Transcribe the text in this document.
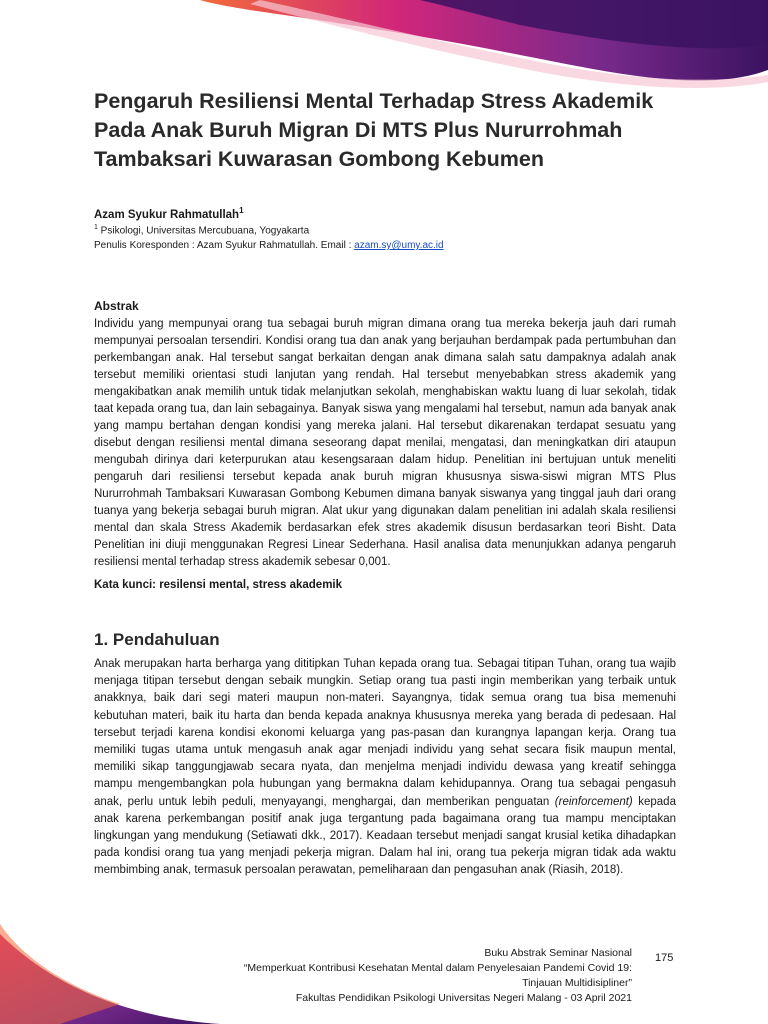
Pengaruh Resiliensi Mental Terhadap Stress Akademik Pada Anak Buruh Migran Di MTS Plus Nururrohmah Tambaksari Kuwarasan Gombong Kebumen
Azam Syukur Rahmatullah$^1$
$^1$ Psikologi, Universitas Mercubuana, Yogyakarta
Penulis Koresponden : Azam Syukur Rahmatullah. Email : azam.sy@umy.ac.id
Abstrak

Individu yang mempunyai orang tua sebagai buruh migran dimana orang tua mereka bekerja jauh dari rumah mempunyai persoalan tersendiri. Kondisi orang tua dan anak yang berjauhan berdampak pada pertumbuhan dan perkembangan anak. Hal tersebut sangat berkaitan dengan anak dimana salah satu dampaknya adalah anak tersebut memiliki orientasi studi lanjutan yang rendah. Hal tersebut menyebabkan stress akademik yang mengakibatkan anak memilih untuk tidak melanjutkan sekolah, menghabiskan waktu luang di luar sekolah, tidak taat kepada orang tua, dan lain sebagainya. Banyak siswa yang mengalami hal tersebut, namun ada banyak anak yang mampu bertahan dengan kondisi yang mereka jalani. Hal tersebut dikarenakan terdapat sesuatu yang disebut dengan resiliensi mental dimana seseorang dapat menilai, mengatasi, dan meningkatkan diri ataupun mengubah dirinya dari keterpurukan atau kesengsaraan dalam hidup. Penelitian ini bertujuan untuk meneliti pengaruh dari resiliensi tersebut kepada anak buruh migran khususnya siswa-siswi migran MTS Plus Nururrohmah Tambaksari Kuwarasan Gombong Kebumen dimana banyak siswanya yang tinggal jauh dari orang tuanya yang bekerja sebagai buruh migran. Alat ukur yang digunakan dalam penelitian ini adalah skala resiliensi mental dan skala Stress Akademik berdasarkan efek stres akademik disusun berdasarkan teori Bisht. Data Penelitian ini diuji menggunakan Regresi Linear Sederhana. Hasil analisa data menunjukkan adanya pengaruh resiliensi mental terhadap stress akademik sebesar 0,001.

Kata kunci: resilensi mental, stress akademik
1. Pendahuluan

Anak merupakan harta berharga yang dititipkan Tuhan kepada orang tua. Sebagai titipan Tuhan, orang tua wajib menjaga titipan tersebut dengan sebaik mungkin. Setiap orang tua pasti ingin memberikan yang terbaik untuk anakknya, baik dari segi materi maupun non-materi. Sayangnya, tidak semua orang tua bisa memenuhi kebutuhan materi, baik itu harta dan benda kepada anaknya khususnya mereka yang berada di pedesaan. Hal tersebut terjadi karena kondisi ekonomi keluarga yang pas-pasan dan kurangnya lapangan kerja. Orang tua memiliki tugas utama untuk mengasuh anak agar menjadi individu yang sehat secara fisik maupun mental, memiliki sikap tanggungjawab secara nyata, dan menjelma menjadi individu dewasa yang kreatif sehingga mampu mengembangkan pola hubungan yang bermakna dalam kehidupannya. Orang tua sebagai pengasuh anak, perlu untuk lebih peduli, menyayangi, menghargai, dan memberikan penguatan (reinforcement) kepada anak karena perkembangan positif anak juga tergantung pada bagaimana orang tua mampu menciptakan lingkungan yang mendukung (Setiawati dkk., 2017). Keadaan tersebut menjadi sangat krusial ketika dihadapkan pada kondisi orang tua yang menjadi pekerja migran. Dalam hal ini, orang tua pekerja migran tidak ada waktu membimbing anak, termasuk persoalan perawatan, pemeliharaan dan pengasuhan anak (Riasih, 2018).

Buku Abstrak Seminar Nasional
“Memperkuat Kontribusi Kesehatan Mental dalam Penyelesaian Pandemi Covid 19:
Tinjauan Multidisipliner”
Fakultas Pendidikan Psikologi Universitas Negeri Malang - 03 April 2021
175
